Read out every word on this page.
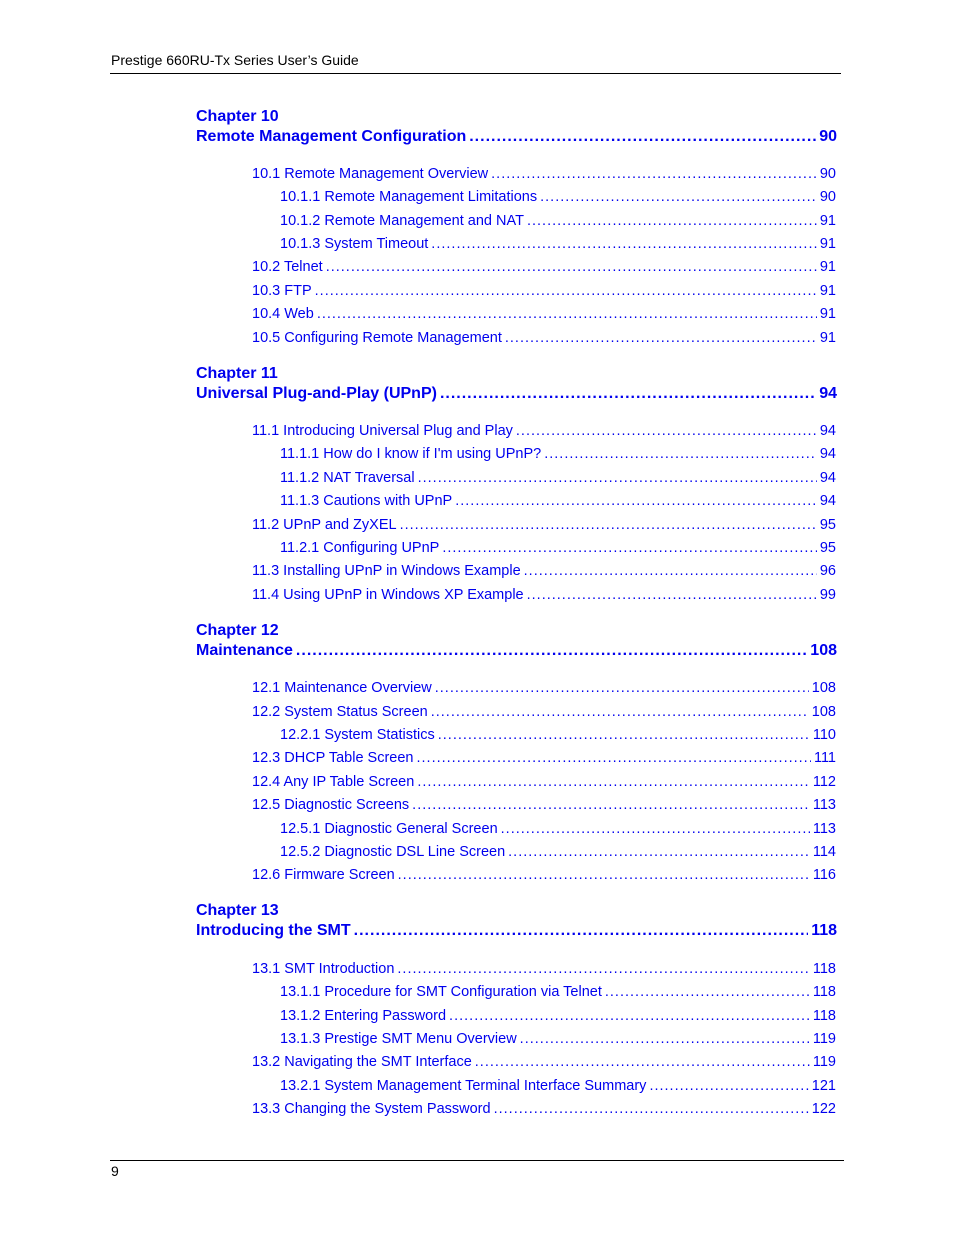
Prestige 660RU-Tx Series User’s Guide
Chapter 10
Remote Management Configuration .....	90
10.1 Remote Management Overview .....	90
10.1.1 Remote Management Limitations .....	90
10.1.2 Remote Management and NAT .....	91
10.1.3 System Timeout .....	91
10.2 Telnet .....	91
10.3 FTP .....	91
10.4 Web .....	91
10.5 Configuring Remote Management .....	91
Chapter 11
Universal Plug-and-Play (UPnP) .....	94
11.1 Introducing Universal Plug and Play .....	94
11.1.1 How do I know if I'm using UPnP? .....	94
11.1.2 NAT Traversal .....	94
11.1.3 Cautions with UPnP .....	94
11.2 UPnP and ZyXEL .....	95
11.2.1 Configuring UPnP .....	95
11.3 Installing UPnP in Windows Example .....	96
11.4 Using UPnP in Windows XP Example .....	99
Chapter 12
Maintenance .....	108
12.1 Maintenance Overview .....	108
12.2 System Status Screen .....	108
12.2.1 System Statistics .....	110
12.3 DHCP Table Screen .....	111
12.4 Any IP Table Screen .....	112
12.5 Diagnostic Screens .....	113
12.5.1 Diagnostic General Screen .....	113
12.5.2 Diagnostic DSL Line Screen .....	114
12.6 Firmware Screen .....	116
Chapter 13
Introducing the SMT .....	118
13.1 SMT Introduction .....	118
13.1.1 Procedure for SMT Configuration via Telnet .....	118
13.1.2 Entering Password .....	118
13.1.3 Prestige SMT Menu Overview .....	119
13.2 Navigating the SMT Interface .....	119
13.2.1 System Management Terminal Interface Summary .....	121
13.3 Changing the System Password .....	122
9
